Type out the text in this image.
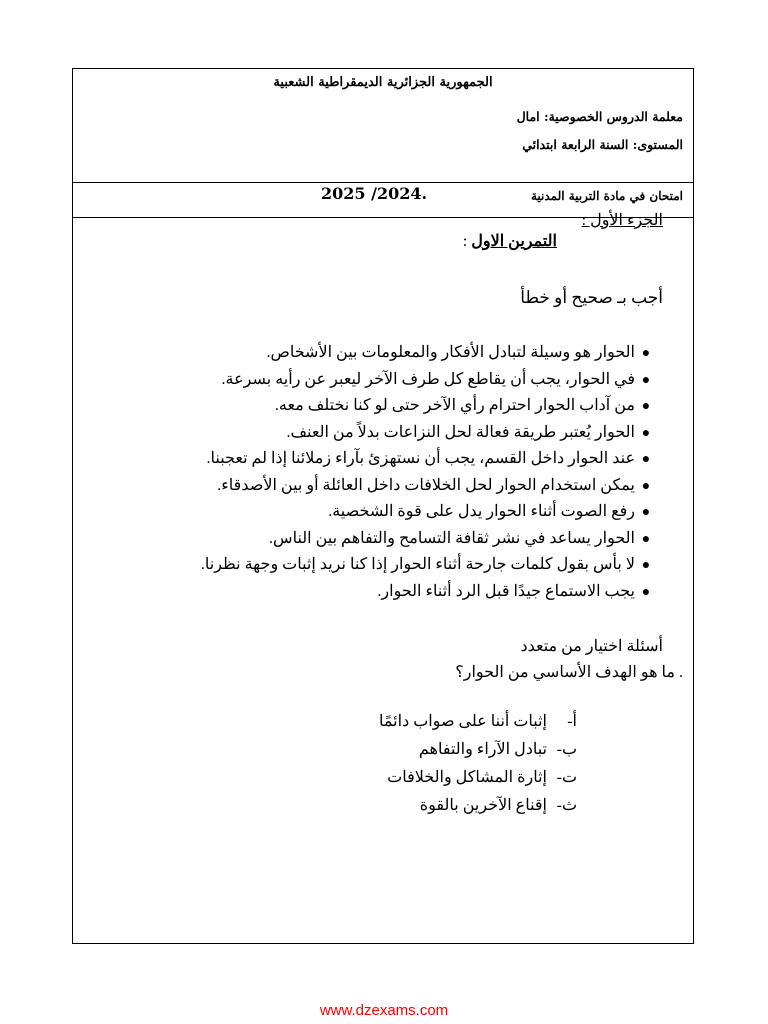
الجمهورية الجزائرية الديمقراطية الشعبية
معلمة الدروس الخصوصية: امال
المستوى: السنة الرابعة ابتدائي
امتحان في مادة التربية المدنية
2025 /2024.
الجزء الأول :
التمرين الاول :
أجب بـ صحيح أو خطأ
●الحوار هو وسيلة لتبادل الأفكار والمعلومات بين الأشخاص.
●في الحوار، يجب أن يقاطع كل طرف الآخر ليعبر عن رأيه بسرعة.
●من آداب الحوار احترام رأي الآخر حتى لو كنا نختلف معه.
●الحوار يُعتبر طريقة فعالة لحل النزاعات بدلاً من العنف.
●عند الحوار داخل القسم، يجب أن نستهزئ بآراء زملائنا إذا لم تعجبنا.
●يمكن استخدام الحوار لحل الخلافات داخل العائلة أو بين الأصدقاء.
●رفع الصوت أثناء الحوار يدل على قوة الشخصية.
●الحوار يساعد في نشر ثقافة التسامح والتفاهم بين الناس.
●لا بأس بقول كلمات جارحة أثناء الحوار إذا كنا نريد إثبات وجهة نظرنا.
●يجب الاستماع جيدًا قبل الرد أثناء الحوار.
أسئلة اختيار من متعدد
. ما هو الهدف الأساسي من الحوار؟
أ-إثبات أننا على صواب دائمًا
ب-تبادل الآراء والتفاهم
ت-إثارة المشاكل والخلافات
ث-إقناع الآخرين بالقوة
www.dzexams.com
